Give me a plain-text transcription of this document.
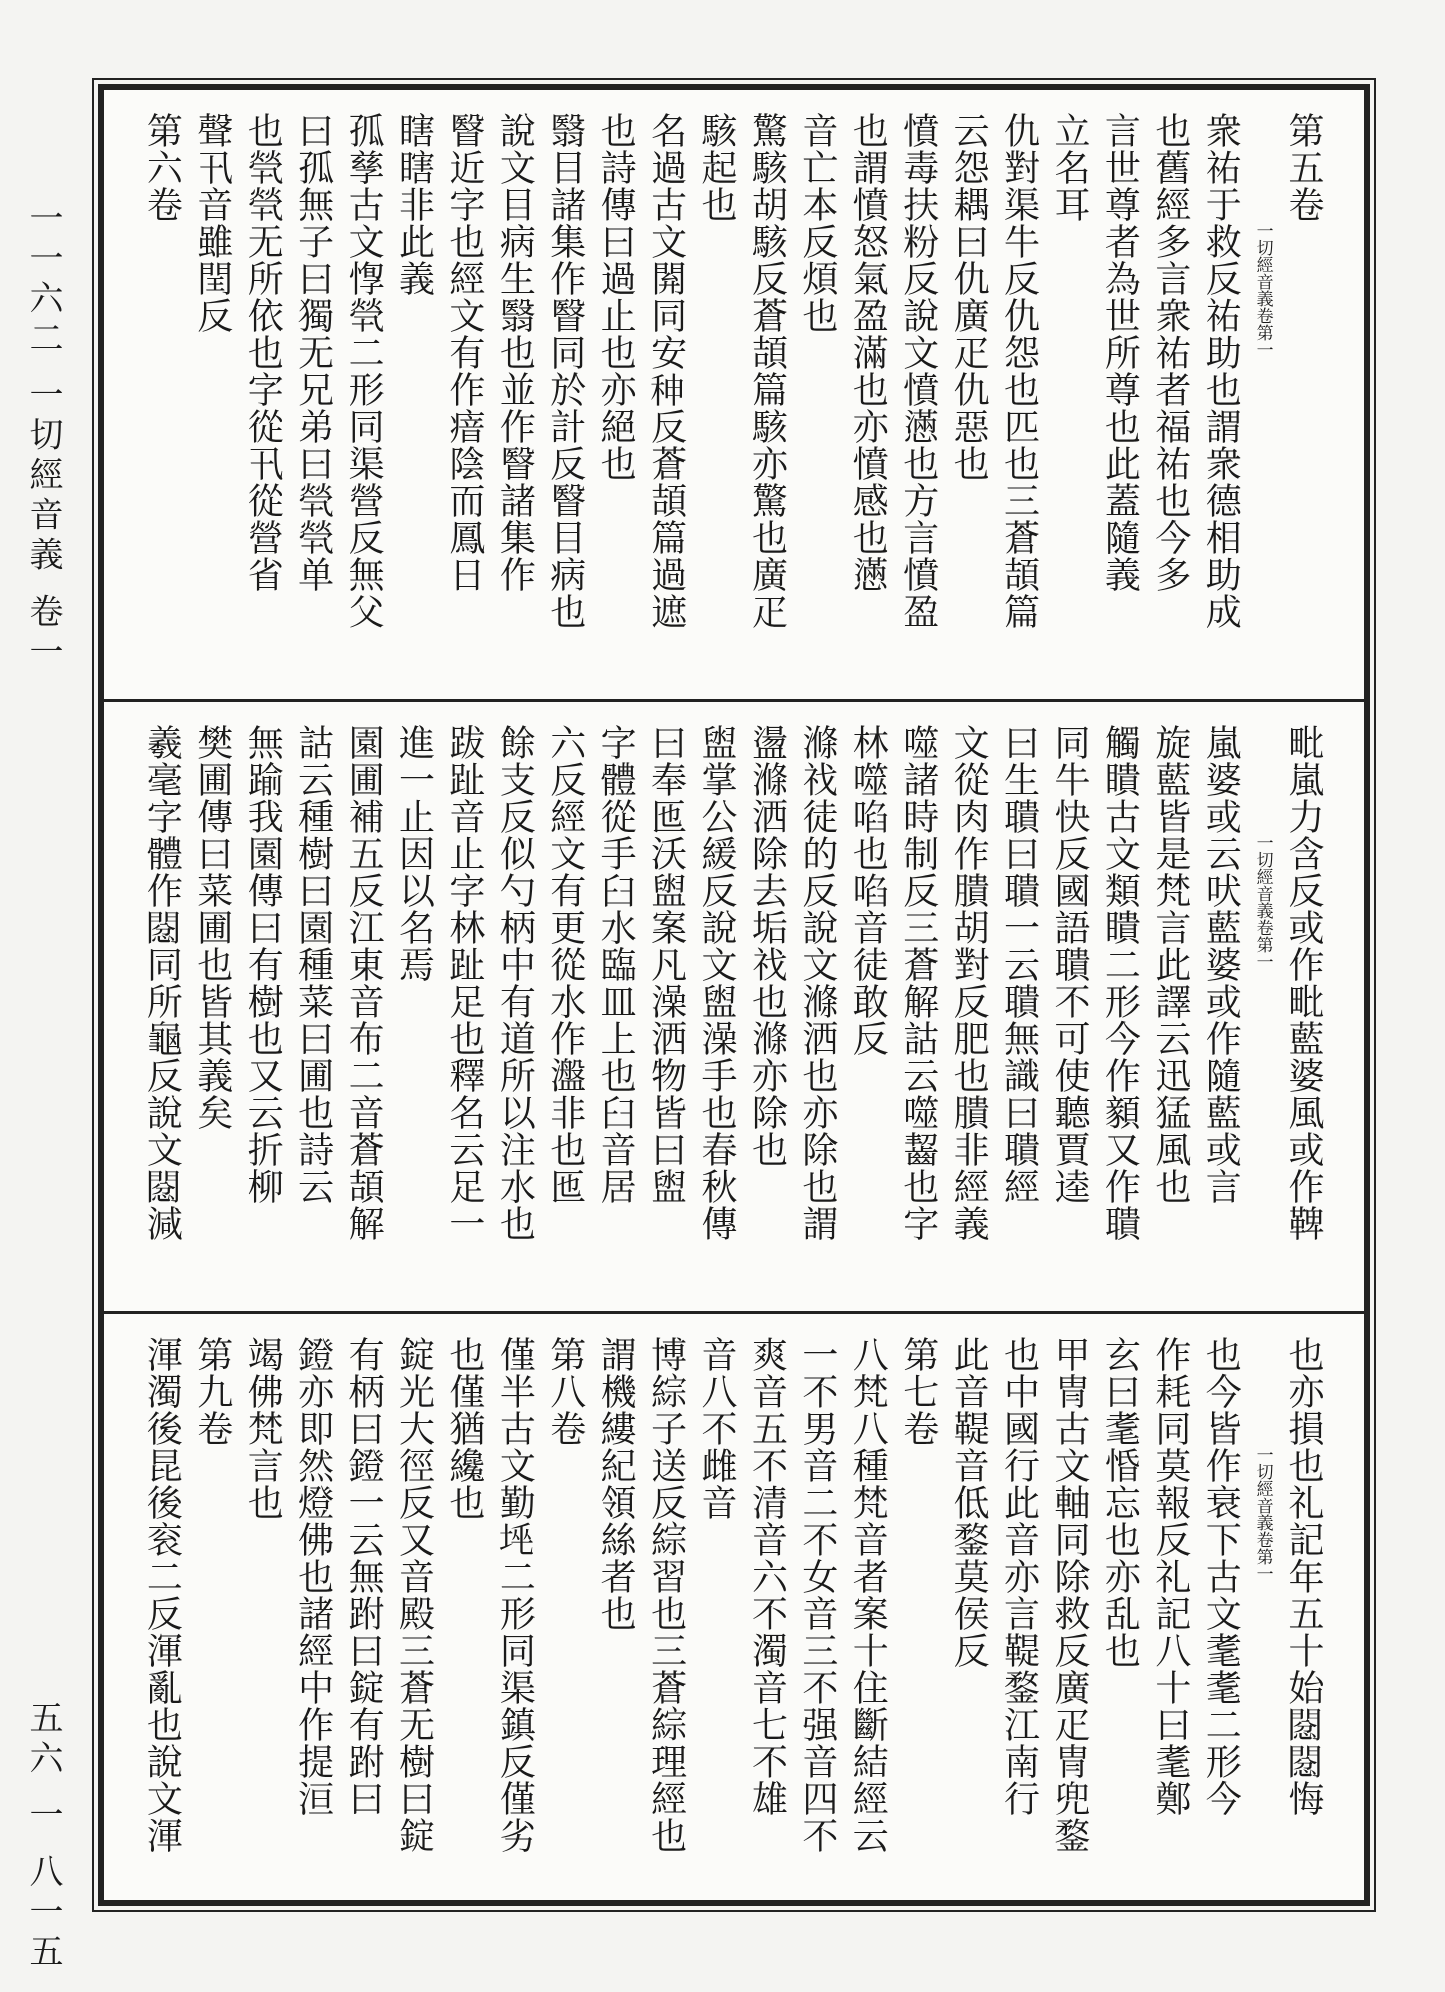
一一六二 一切經音義 卷一
五六 一 八一五
第五卷
一切經音義卷第一
衆祐于救反祐助也謂衆德相助成
也舊經多言衆祐者福祐也今多
言世尊者為世所尊也此蓋隨義
立名耳
仇對渠牛反仇怨也匹也三蒼頡篇
云怨耦曰仇廣疋仇惡也
憤毒扶粉反說文憤懣也方言憤盈
也謂憤怒氣盈滿也亦憤感也懣
音亡本反煩也
驚駭胡駭反蒼頡篇駭亦驚也廣疋
駭起也
名過古文閞同安𥞁反蒼頡篇過遮
也詩傳曰過止也亦絕也
翳目諸集作瞖同於計反瞖目病也
說文目病生翳也並作瞖諸集作
瞖近字也經文有作瘖陰而鳳日
瞎瞎非此義
孤孳古文惸煢二形同渠營反無父
曰孤無子曰獨无兄弟曰煢煢单
也煢煢无所依也字從卂從營省
聲卂音雖閏反
第六卷
毗嵐力含反或作毗藍婆風或作鞞
一切經音義卷第一
嵐婆或云吠藍婆或作隨藍或言
旋藍皆是梵言此譯云迅猛風也
觸瞶古文類瞶二形今作顡又作聵
同牛快反國語聵不可使聽賈逵
曰生聵曰聵一云聵無識曰聵經
文從肉作膭胡對反肥也膭非經義
噬諸時制反三蒼解詁云噬齧也字
林噬啗也啗音徒敢反
滌䄀徒的反說文滌洒也亦除也謂
盪滌洒除去垢䄀也滌亦除也
盥掌公緩反說文盥澡手也春秋傳
曰奉匜沃盥案凡澡洒物皆曰盥
字體從手臼水臨皿上也臼音居
六反經文有更從水作瀊非也匜
餘支反似勺柄中有道所以注水也
跋趾音止字林趾足也釋名云足一
進一止因以名焉
園圃補五反江東音布二音蒼頡解
詁云種樹曰園種菜曰圃也詩云
無踰我園傳曰有樹也又云折柳
樊圃傳曰菜圃也皆其義矣
羲毫字體作𢡙同所龜反說文𢡙減
也亦損也礼記年五十始𢡙𢡙悔
一切經音義卷第一
也今皆作衰下古文耄耄二形今
作耗同莫報反礼記八十曰耄鄭
玄曰耄惛忘也亦乱也
甲冑古文軸同除救反廣疋冑兜鍪
也中國行此音亦言鞮鍪江南行
此音鞮音低鍪莫侯反
第七卷
八梵八種梵音者案十住斷結經云
一不男音二不女音三不强音四不
爽音五不清音六不濁音七不雄
音八不雌音
博綜子送反綜習也三蒼綜理經也
謂機縷紀領絲者也
第八卷
僅半古文勤𡋸二形同渠鎮反僅劣
也僅猶纔也
錠光大徑反又音殿三蒼无樹曰錠
有柄曰鐙一云無跗曰錠有跗曰
鐙亦即然燈佛也諸經中作提洹
竭佛梵言也
第九卷
渾濁後昆後衮二反渾亂也說文渾
